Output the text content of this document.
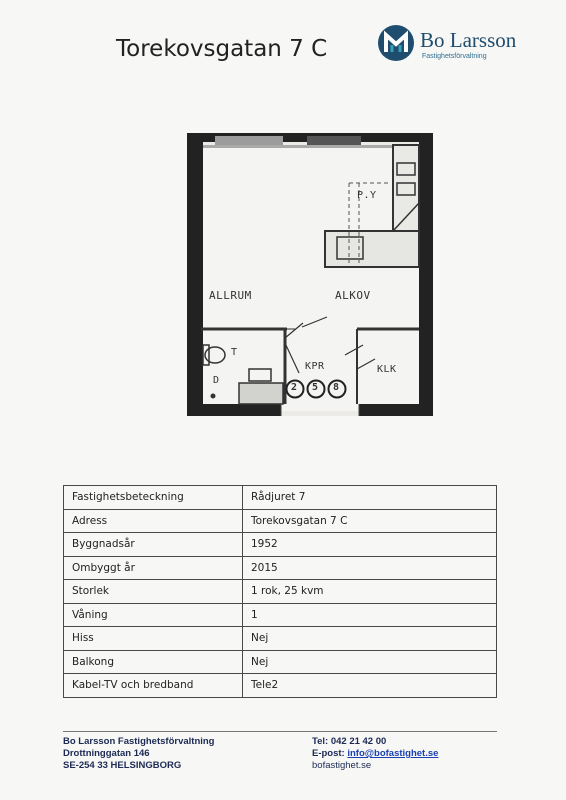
Torekovsgatan 7 C	Bo Larsson
Fastighetsförvaltning
ALLRUM	ALKOV
P.Y
KPR	KLK
T
D
2 5 8
Fastighetsbeteckning	Rådjuret 7
Adress	Torekovsgatan 7 C
Byggnadsår	1952
Ombyggt år	2015
Storlek	1 rok, 25 kvm
Våning	1
Hiss	Nej
Balkong	Nej
Kabel-TV och bredband	Tele2
Bo Larsson Fastighetsförvaltning
Drottninggatan 146
SE-254 33 HELSINGBORG
Tel: 042 21 42 00
E-post: info@bofastighet.se
bofastighet.se
